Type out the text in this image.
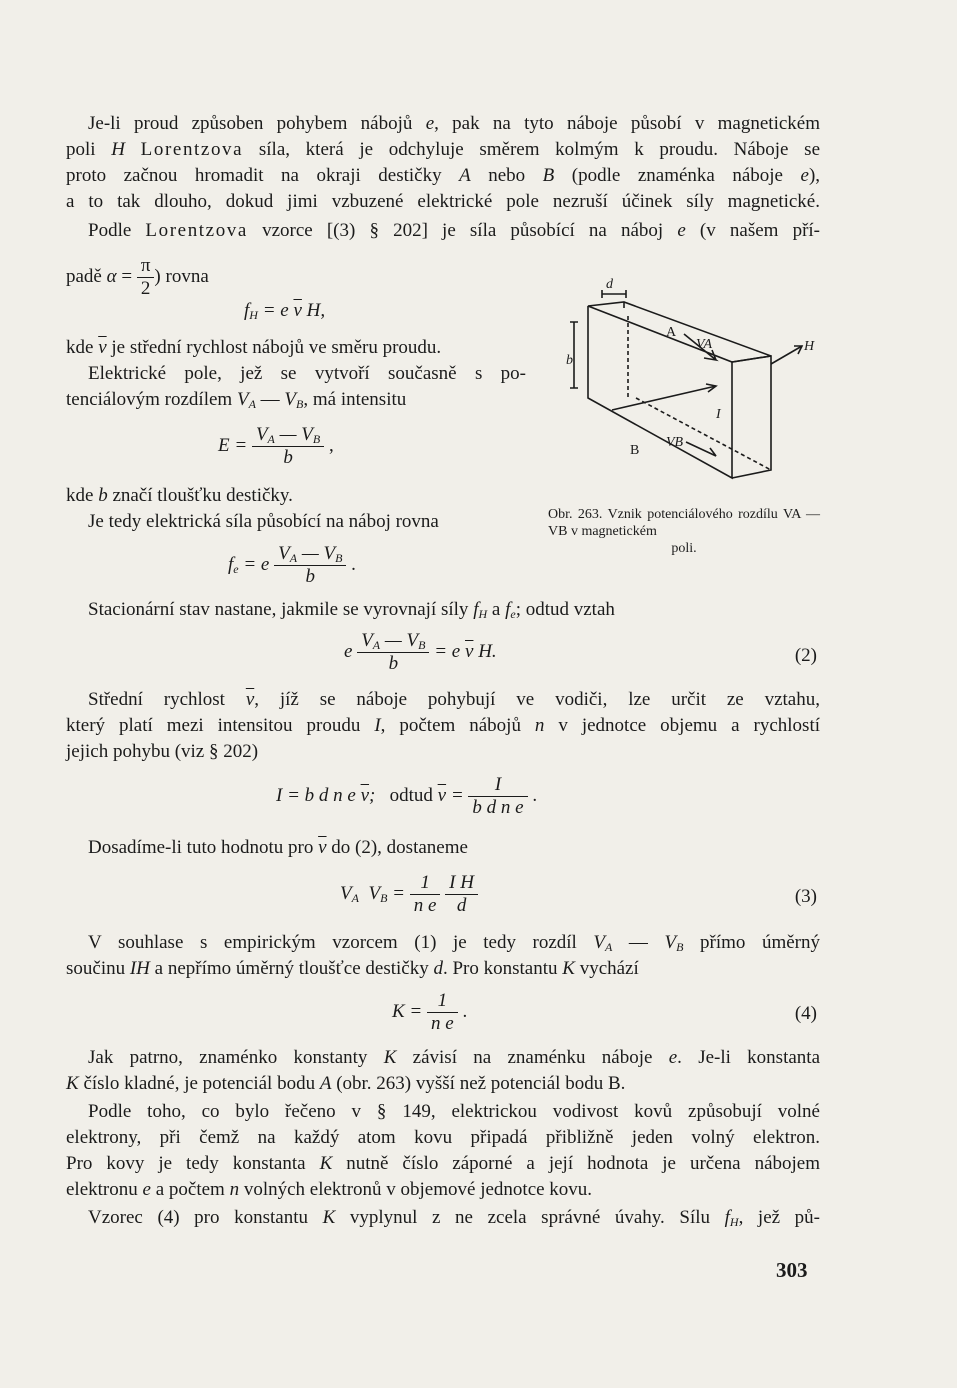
Je-li proud způsoben pohybem nábojů e, pak na tyto náboje působí v magnetickém
poli H Lorentzova síla, která je odchyluje směrem kolmým k proudu. Náboje se
proto začnou hromadit na okraji destičky A nebo B (podle znaménka náboje e),
a to tak dlouho, dokud jimi vzbuzené elektrické pole nezruší účinek síly magnetické.
Podle Lorentzova vzorce [(3) § 202] je síla působící na náboj e (v našem pří-
padě $\alpha = \frac{\pi}{2}$ ) rovna
$f_H = e$ $\overline{v}$ H,
kde $\overline{v}$ je střední rychlost nábojů ve směru proudu.
Elektrické pole, jež se vytvoří současně s po-
tenciálovým rozdílem $V_A$ — $V_B$, má intensitu
$E = \frac{V_A — V_B}{b}$ ,
kde b značí tloušťku destičky.
Je tedy elektrická síla působící na náboj rovna
$f_e = e \frac{V_A — V_B}{b}$ .
Stacionární stav nastane, jakmile se vyrovnají síly $f_H$ a $f_e$; odtud vztah
e $\frac{V_A — V_B}{b} = e$ $\overline{v}$ H.	(2)
Střední rychlost $\overline{v}$, jíž se náboje pohybují ve vodiči, lze určit ze vztahu,
který platí mezi intensitou proudu I, počtem nábojů n v jednotce objemu a rychlostí
jejich pohybu (viz § 202)
I = b d n e $\overline{v}$;   odtud $\overline{v} = \frac{I}{\text{b d n e}}$ .
Dosadíme-li tuto hodnotu pro $\overline{v}$ do (2), dostaneme
$V_A$  $V_B = \frac{1}{\text{n e}}$
$\frac{\text{I H}}{d}$	(3)
V souhlase s empirickým vzorcem (1) je tedy rozdíl $V_A$ — $V_B$ přímo úměrný
součinu IH a nepřímo úměrný tloušťce destičky d. Pro konstantu K vychází
$K = \frac{1}{\text{n e}}$ .	(4)
Jak patrno, znaménko konstanty K závisí na znaménku náboje e. Je-li konstanta
K číslo kladné, je potenciál bodu A (obr. 263) vyšší než potenciál bodu B.
Podle toho, co bylo řečeno v § 149, elektrickou vodivost kovů způsobují volné
elektrony, při čemž na každý atom kovu připadá přibližně jeden volný elektron.
Pro kovy je tedy konstanta K nutně číslo záporné a její hodnota je určena nábojem
elektronu e a počtem n volných elektronů v objemové jednotce kovu.
Vzorec (4) pro konstantu K vyplynul z ne zcela správné úvahy. Sílu $f_H$, jež pů-
d
b
A
VA	H
I
B
VB
Obr. 263. Vznik potenciálového rozdílu VA — VB v magnetickém
poli.
303
